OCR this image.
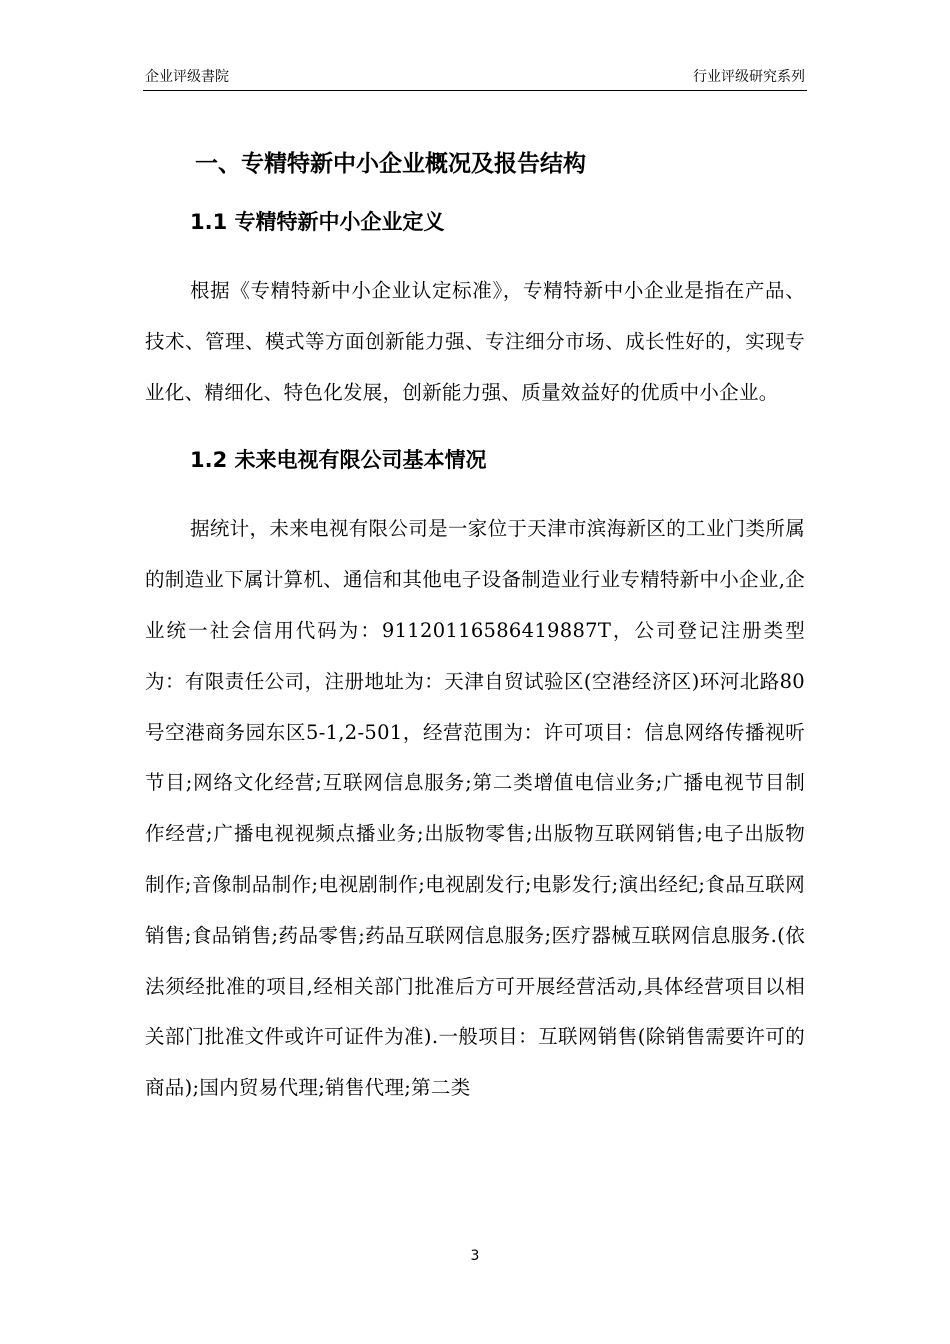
企业评级書院	行业评级研究系列
一、专精特新中小企业概况及报告结构
1.1 专精特新中小企业定义

根据《专精特新中小企业认定标准》，专精特新中小企业是指在产品、技术、管理、模式等方面创新能力强、专注细分市场、成长性好的，实现专业化、精细化、特色化发展，创新能力强、质量效益好的优质中小企业。

1.2 未来电视有限公司基本情况

据统计，未来电视有限公司是一家位于天津市滨海新区的工业门类所属的制造业下属计算机、通信和其他电子设备制造业行业专精特新中小企业,企业统一社会信用代码为：91120116586419887T，公司登记注册类型为：有限责任公司，注册地址为：天津自贸试验区(空港经济区)环河北路80号空港商务园东区5-1,2-501，经营范围为：许可项目：信息网络传播视听节目;网络文化经营;互联网信息服务;第二类增值电信业务;广播电视节目制作经营;广播电视视频点播业务;出版物零售;出版物互联网销售;电子出版物制作;音像制品制作;电视剧制作;电视剧发行;电影发行;演出经纪;食品互联网销售;食品销售;药品零售;药品互联网信息服务;医疗器械互联网信息服务.(依法须经批准的项目,经相关部门批准后方可开展经营活动,具体经营项目以相关部门批准文件或许可证件为准).一般项目：互联网销售(除销售需要许可的商品);国内贸易代理;销售代理;第二类

3
